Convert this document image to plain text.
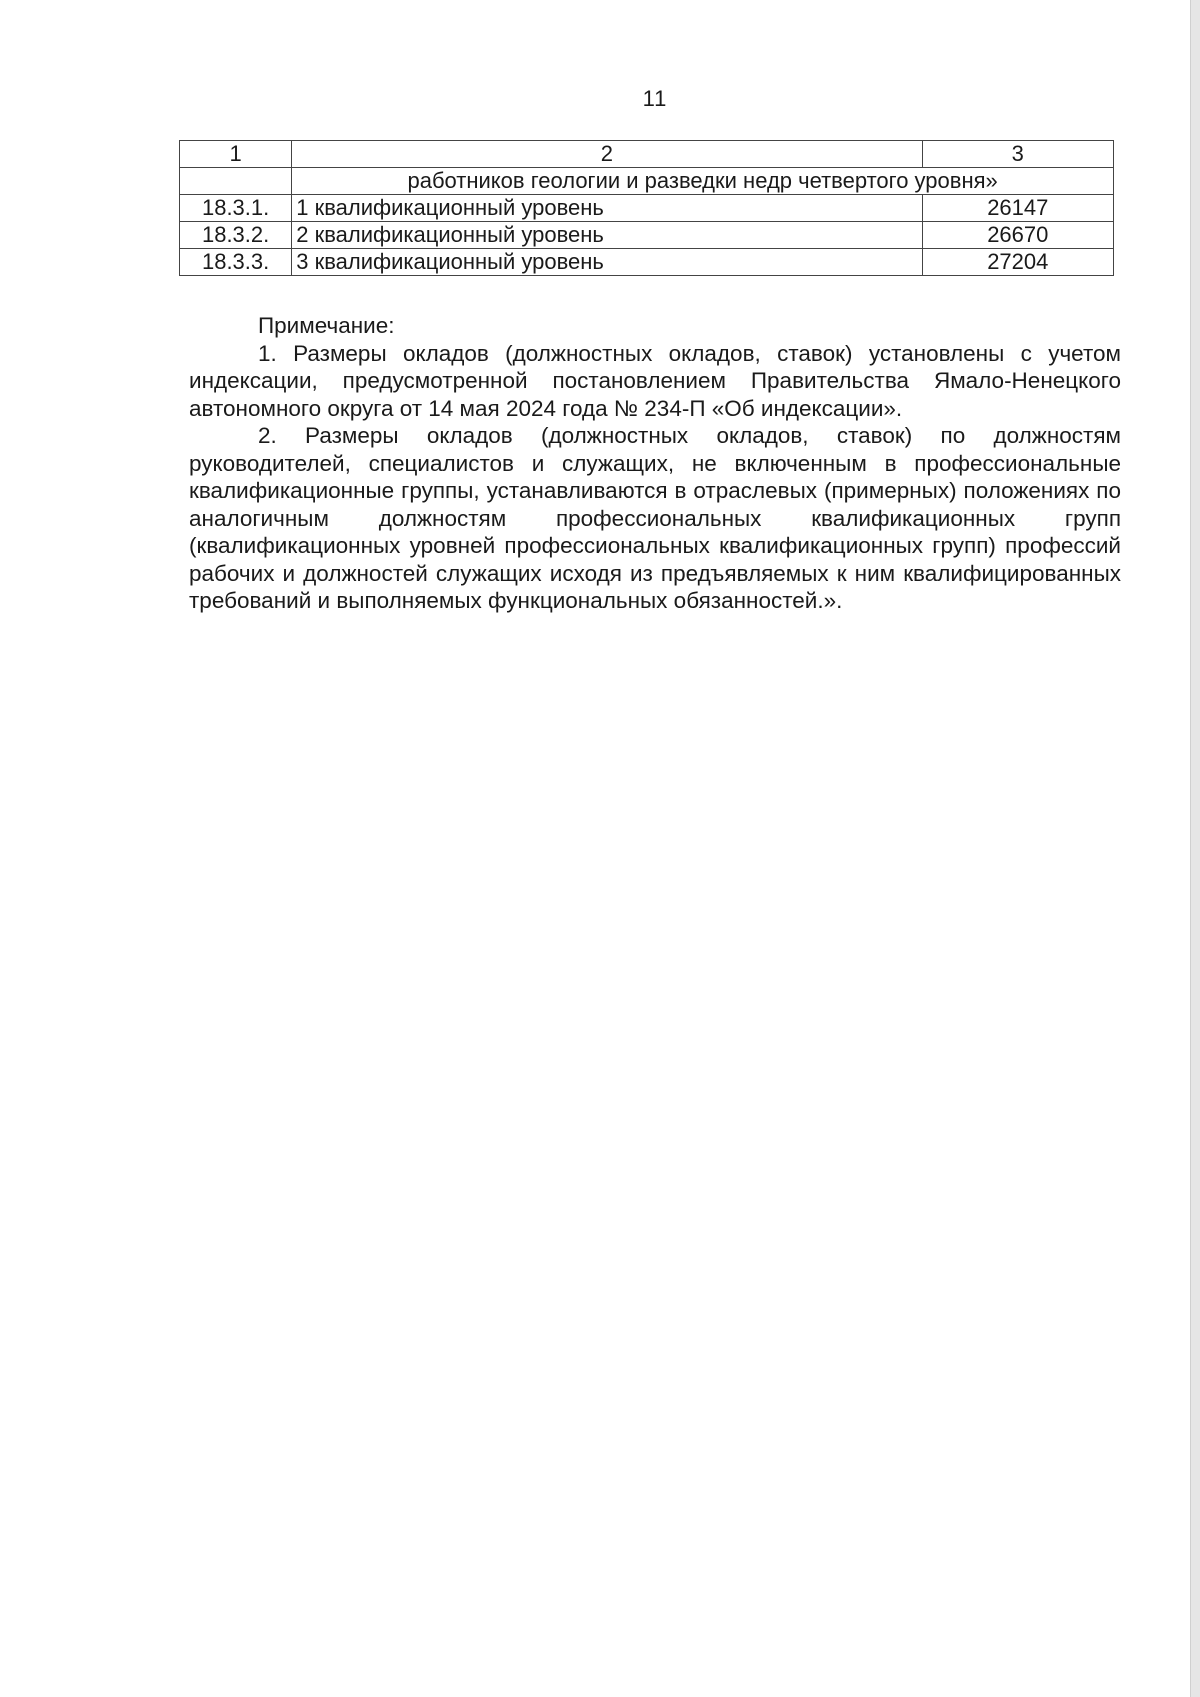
11
1	2	3
	работников геологии и разведки недр четвертого уровня»	
18.3.1.	1 квалификационный уровень	26147
18.3.2.	2 квалификационный уровень	26670
18.3.3.	3 квалификационный уровень	27204

Примечание:

1. Размеры окладов (должностных окладов, ставок) установлены с учетом индексации, предусмотренной постановлением Правительства Ямало-Ненецкого автономного округа от 14 мая 2024 года № 234-П «Об индексации».

2. Размеры окладов (должностных окладов, ставок) по должностям руководителей, специалистов и служащих, не включенным в профессиональные квалификационные группы, устанавливаются в отраслевых (примерных) положениях по аналогичным должностям профессиональных квалификационных групп (квалификационных уровней профессиональных квалификационных групп) профессий рабочих и должностей служащих исходя из предъявляемых к ним квалифицированных требований и выполняемых функциональных обязанностей.».
